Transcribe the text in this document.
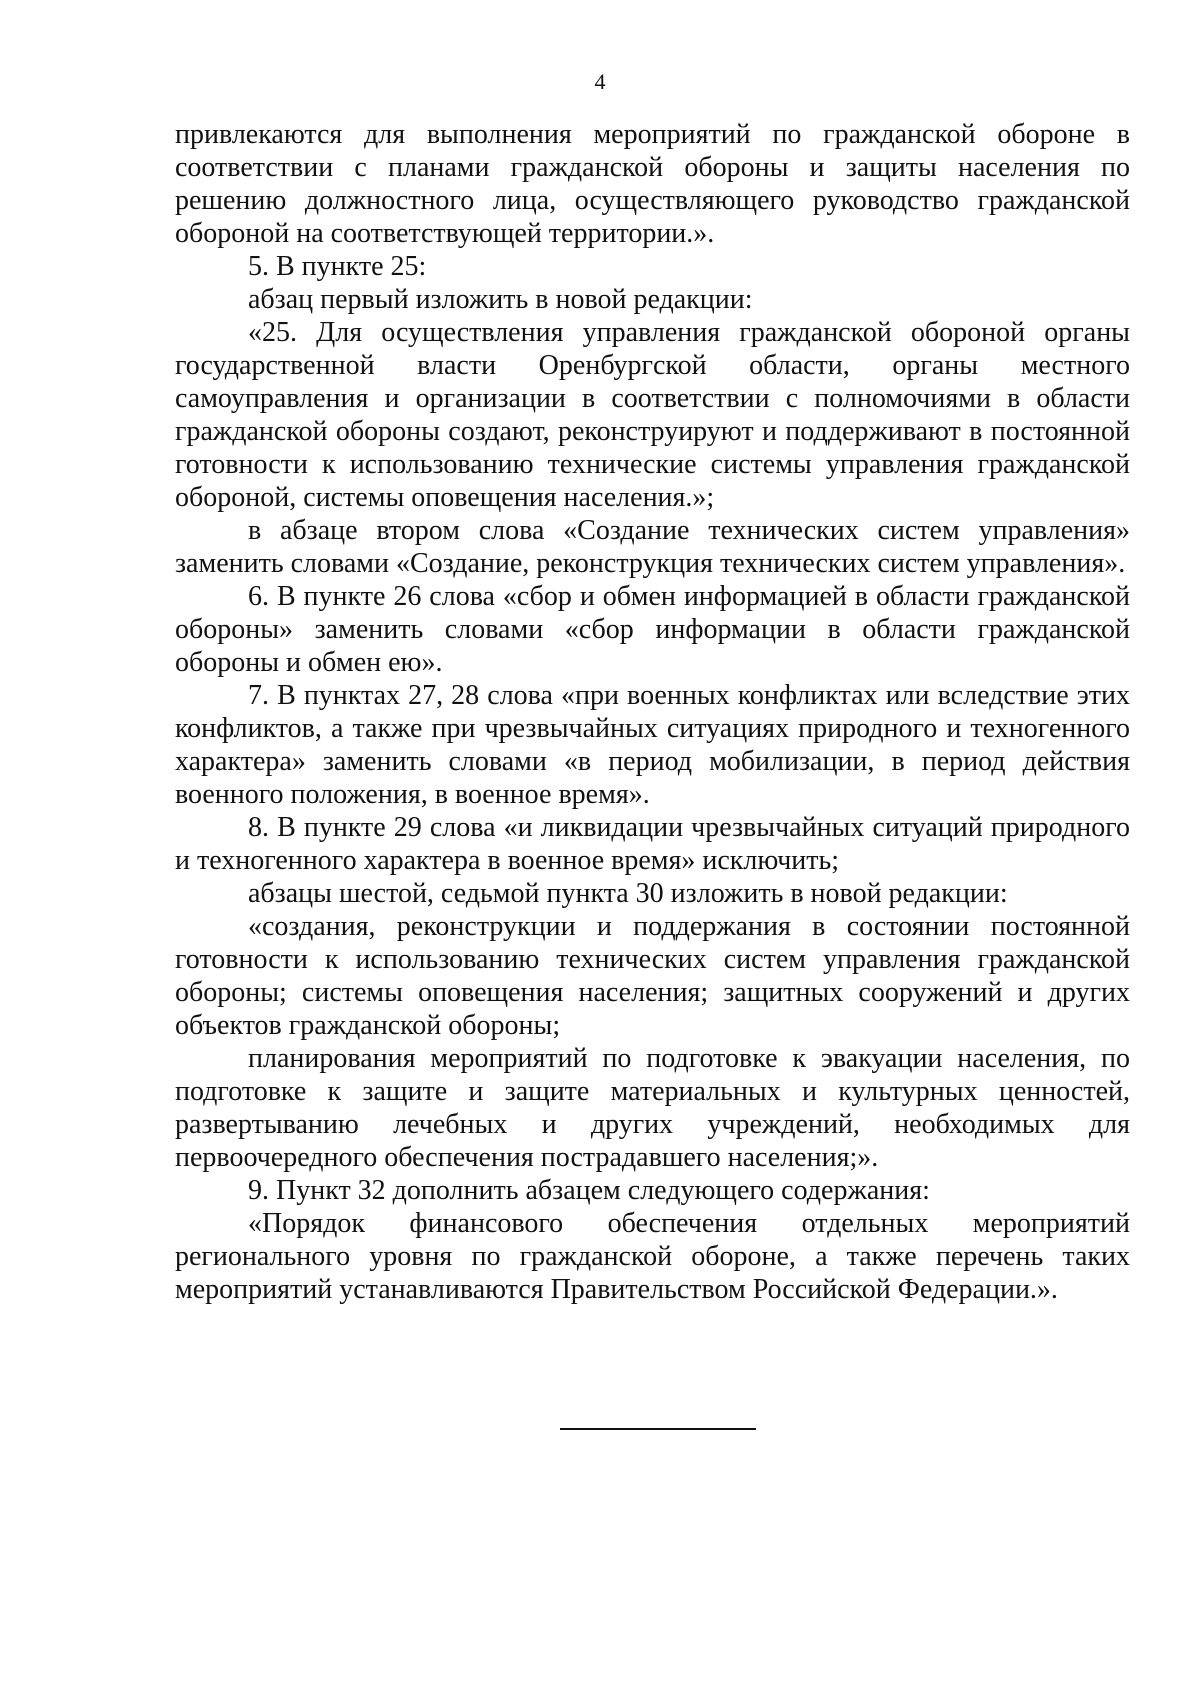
4

привлекаются для выполнения мероприятий по гражданской обороне в соответствии с планами гражданской обороны и защиты населения по решению должностного лица, осуществляющего руководство гражданской обороной на соответствующей территории.».

5. В пункте 25:

абзац первый изложить в новой редакции:

«25. Для осуществления управления гражданской обороной органы государственной власти Оренбургской области, органы местного самоуправления и организации в соответствии с полномочиями в области гражданской обороны создают, реконструируют и поддерживают в постоянной готовности к использованию технические системы управления гражданской обороной, системы оповещения населения.»;

в абзаце втором слова «Создание технических систем управления» заменить словами «Создание, реконструкция технических систем управления».

6. В пункте 26 слова «сбор и обмен информацией в области гражданской обороны» заменить словами «сбор информации в области гражданской обороны и обмен ею».

7. В пунктах 27, 28 слова «при военных конфликтах или вследствие этих конфликтов, а также при чрезвычайных ситуациях природного и техногенного характера» заменить словами «в период мобилизации, в период действия военного положения, в военное время».

8. В пункте 29 слова «и ликвидации чрезвычайных ситуаций природного и техногенного характера в военное время» исключить;

абзацы шестой, седьмой пункта 30 изложить в новой редакции:

«создания, реконструкции и поддержания в состоянии постоянной готовности к использованию технических систем управления гражданской обороны; системы оповещения населения; защитных сооружений и других объектов гражданской обороны;

планирования мероприятий по подготовке к эвакуации населения, по подготовке к защите и защите материальных и культурных ценностей, развертыванию лечебных и других учреждений, необходимых для первоочередного обеспечения пострадавшего населения;».

9. Пункт 32 дополнить абзацем следующего содержания:

«Порядок финансового обеспечения отдельных мероприятий регионального уровня по гражданской обороне, а также перечень таких мероприятий устанавливаются Правительством Российской Федерации.».
